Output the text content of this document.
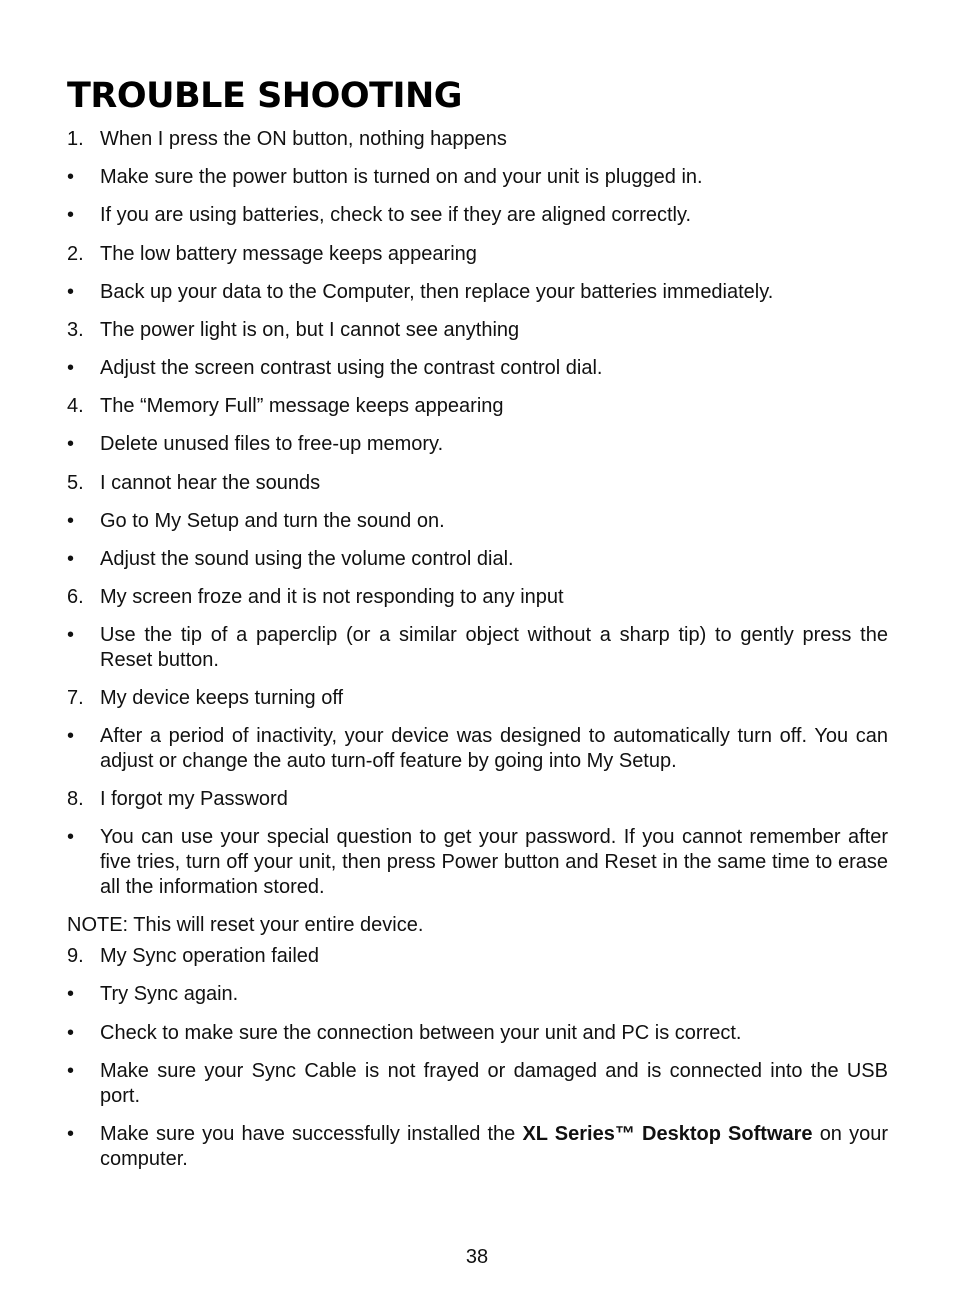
TROUBLE SHOOTING
1. When I press the ON button, nothing happens
• Make sure the power button is turned on and your unit is plugged in.
• If you are using batteries, check to see if they are aligned correctly.
2. The low battery message keeps appearing
• Back up your data to the Computer, then replace your batteries immediately.
3. The power light is on, but I cannot see anything
• Adjust the screen contrast using the contrast control dial.
4. The “Memory Full” message keeps appearing
• Delete unused files to free-up memory.
5. I cannot hear the sounds
• Go to My Setup and turn the sound on.
• Adjust the sound using the volume control dial.
6. My screen froze and it is not responding to any input
• Use the tip of a paperclip (or a similar object without a sharp tip) to gently press the Reset button.
7. My device keeps turning off
• After a period of inactivity, your device was designed to automatically turn off. You can adjust or change the auto turn-off feature by going into My Setup.
8. I forgot my Password
• You can use your special question to get your password. If you cannot remember after five tries, turn off your unit, then press Power button and Reset in the same time to erase all the information stored.
NOTE: This will reset your entire device.
9. My Sync operation failed
• Try Sync again.
• Check to make sure the connection between your unit and PC is correct.
• Make sure your Sync Cable is not frayed or damaged and is connected into the USB port.
• Make sure you have successfully installed the XL Series™ Desktop Software on your computer.
38
